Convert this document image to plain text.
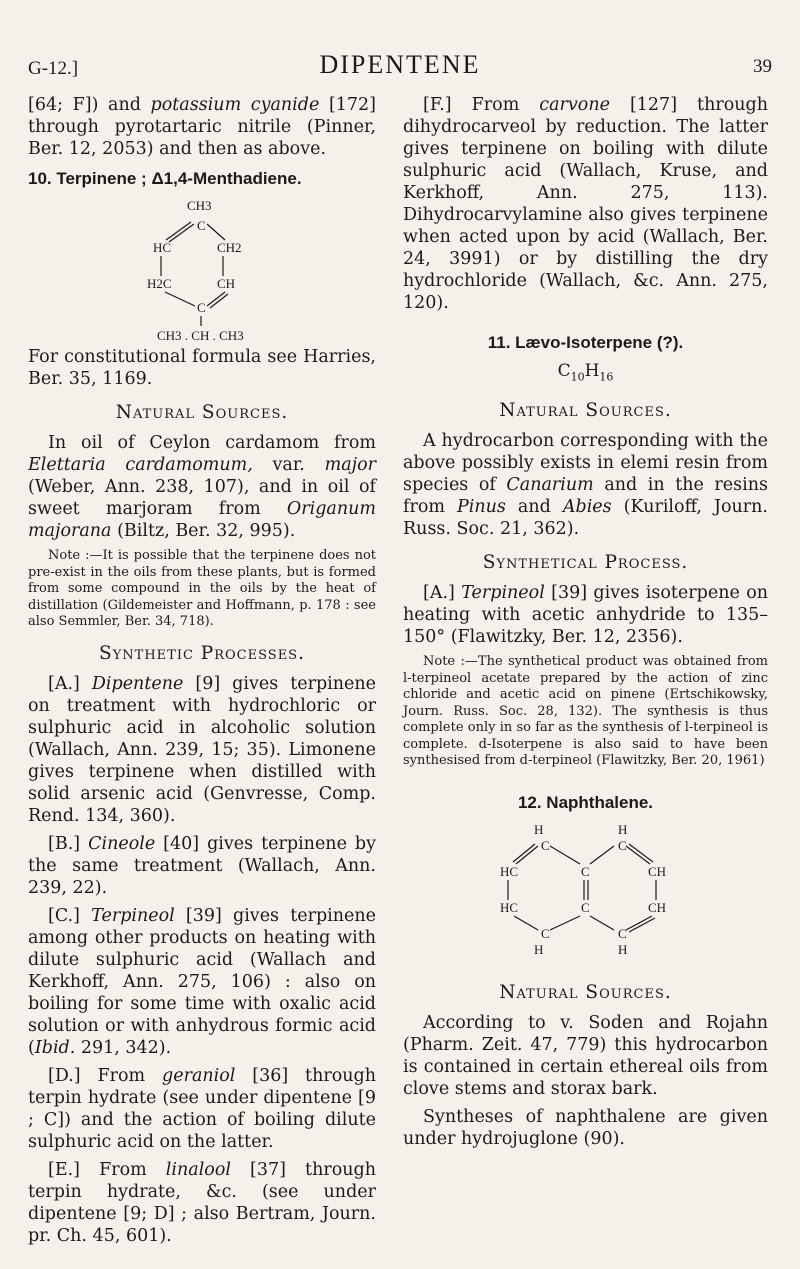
G-12.]	DIPENTENE	39

[64; F]) and potassium cyanide [172] through pyrotartaric nitrile (Pinner, Ber. 12, 2053) and then as above.

10. Terpinene ; Δ1,4-Menthadiene.
CH3
C
HC	CH2
H2C	CH
C
CH3 . CH . CH3

For constitutional formula see Harries, Ber. 35, 1169.

Natural Sources.

In oil of Ceylon cardamom from Elettaria cardamomum, var. major (Weber, Ann. 238, 107), and in oil of sweet marjoram from Origanum majorana (Biltz, Ber. 32, 995).

Note :—It is possible that the terpinene does not pre-exist in the oils from these plants, but is formed from some compound in the oils by the heat of distillation (Gildemeister and Hoffmann, p. 178 : see also Semmler, Ber. 34, 718).

Synthetic Processes.

[A.] Dipentene [9] gives terpinene on treatment with hydrochloric or sulphuric acid in alcoholic solution (Wallach, Ann. 239, 15; 35). Limonene gives terpinene when distilled with solid arsenic acid (Genvresse, Comp. Rend. 134, 360).

[B.] Cineole [40] gives terpinene by the same treatment (Wallach, Ann. 239, 22).

[C.] Terpineol [39] gives terpinene among other products on heating with dilute sulphuric acid (Wallach and Kerkhoff, Ann. 275, 106) : also on boiling for some time with oxalic acid solution or with anhydrous formic acid (Ibid. 291, 342).

[D.] From geraniol [36] through terpin hydrate (see under dipentene [9 ; C]) and the action of boiling dilute sulphuric acid on the latter.

[E.] From linalool [37] through terpin hydrate, &c. (see under dipentene [9; D] ; also Bertram, Journ. pr. Ch. 45, 601).

[F.] From carvone [127] through dihydrocarveol by reduction. The latter gives terpinene on boiling with dilute sulphuric acid (Wallach, Kruse, and Kerkhoff, Ann. 275, 113). Dihydrocarvylamine also gives terpinene when acted upon by acid (Wallach, Ber. 24, 3991) or by distilling the dry hydrochloride (Wallach, &c. Ann. 275, 120).

11. Lævo-Isoterpene (?).
$C_{10}H_{16}$
Natural Sources.

A hydrocarbon corresponding with the above possibly exists in elemi resin from species of Canarium and in the resins from Pinus and Abies (Kuriloff, Journ. Russ. Soc. 21, 362).

Synthetical Process.

[A.] Terpineol [39] gives isoterpene on heating with acetic anhydride to 135–150° (Flawitzky, Ber. 12, 2356).

Note :—The synthetical product was obtained from l-terpineol acetate prepared by the action of zinc chloride and acetic acid on pinene (Ertschikowsky, Journ. Russ. Soc. 28, 132). The synthesis is thus complete only in so far as the synthesis of l-terpineol is complete. d-Isoterpene is also said to have been synthesised from d-terpineol (Flawitzky, Ber. 20, 1961)

12. Naphthalene.
H	H
C	C
HC	C	CH
HC	C	CH
C	C
H	H
Natural Sources.

According to v. Soden and Rojahn (Pharm. Zeit. 47, 779) this hydrocarbon is contained in certain ethereal oils from clove stems and storax bark.

Syntheses of naphthalene are given under hydrojuglone (90).
